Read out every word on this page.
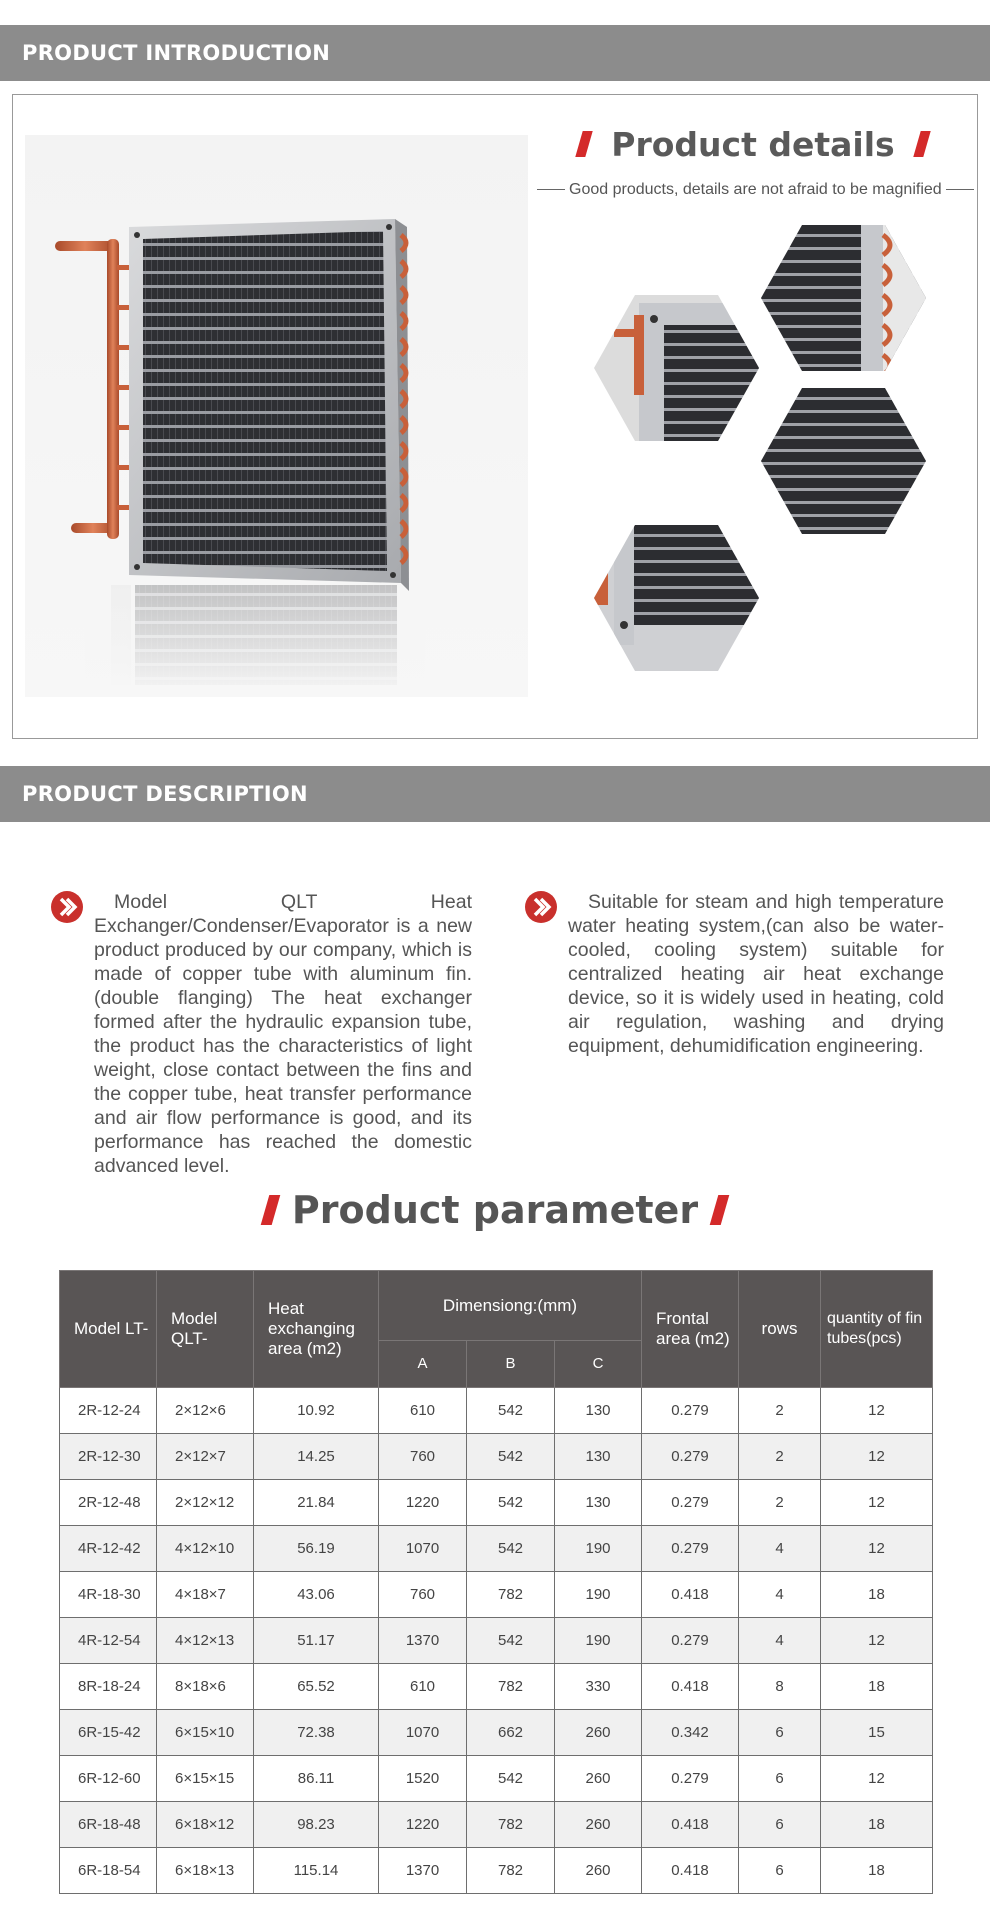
PRODUCT INTRODUCTION
Product details
Good products, details are not afraid to be magnified
PRODUCT DESCRIPTION
Model QLT Heat Exchanger/Condenser/Evaporator is a new product produced by our company, which is made of copper tube with aluminum fin. (double flanging) The heat exchanger formed after the hydraulic expansion tube, the product has the characteristics of light weight, close contact between the fins and the copper tube, heat transfer performance and air flow performance is good, and its performance has reached the domestic advanced level.
Suitable for steam and high temperature water heating system,(can also be water-cooled, cooling system) suitable for centralized heating air heat exchange device, so it is widely used in heating, cold air regulation, washing and drying equipment, dehumidification engineering.
Product parameter
Model LT-	Model QLT-	Heat exchanging area (m2)	Dimensiong:(mm)			Frontal area (m2)	rows	quantity of fin tubes(pcs)
			A	B	C			
2R-12-24	2×12×6	10.92	610	542	130	0.279	2	12
2R-12-30	2×12×7	14.25	760	542	130	0.279	2	12
2R-12-48	2×12×12	21.84	1220	542	130	0.279	2	12
4R-12-42	4×12×10	56.19	1070	542	190	0.279	4	12
4R-18-30	4×18×7	43.06	760	782	190	0.418	4	18
4R-12-54	4×12×13	51.17	1370	542	190	0.279	4	12
8R-18-24	8×18×6	65.52	610	782	330	0.418	8	18
6R-15-42	6×15×10	72.38	1070	662	260	0.342	6	15
6R-12-60	6×15×15	86.11	1520	542	260	0.279	6	12
6R-18-48	6×18×12	98.23	1220	782	260	0.418	6	18
6R-18-54	6×18×13	115.14	1370	782	260	0.418	6	18
